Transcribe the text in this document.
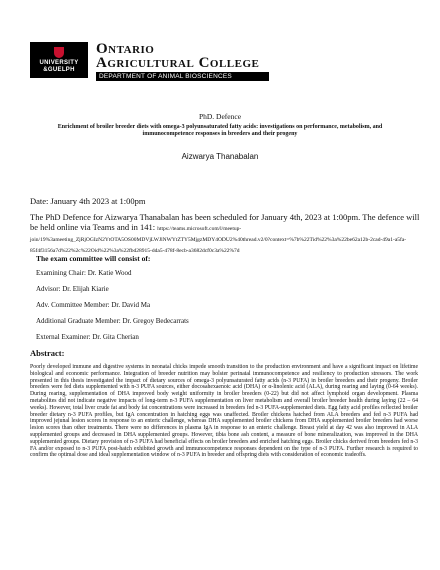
UNIVERSITY
&GUELPH
Ontario
Agricultural College
DEPARTMENT OF ANIMAL BIOSCIENCES
PhD. Defence
Enrichment of broiler breeder diets with omega-3 polyunsaturated fatty acids: investigations on performance, metabolism, and immunocompetence responses in breeders and their progeny
Aizwarya Thanabalan
Date: January 4th 2023 at 1:00pm
The PhD Defence for Aizwarya Thanabalan has been scheduled for January 4th, 2023 at 1:00pm. The defence will be held online via Teams and in 141: https://teams.microsoft.com/l/meetup-join/19%3ameeting_ZjRjOGIzN2YtOTA5OS00MDVjLWJlNWYtZTY5MjgzMDY4ODU2%40thread.v2/0?context=%7b%22Tid%22%3a%22be62a12b-2cad-49a1-a5fa-85f4f3156a7d%22%2c%22Oid%22%3a%22fbd28915-dda5-478f-8ecb-a3682dcf0c3a%22%7d
The exam committee will consist of:
Examining Chair: Dr. Katie Wood
Advisor: Dr. Elijah Kiarie
Adv. Committee Member: Dr. David Ma
Additional Graduate Member: Dr. Gregoy Bedecarrats
External Examiner: Dr. Gita Cherian
Abstract:
Poorly developed immune and digestive systems in neonatal chicks impede smooth transition to the production environment and have a significant impact on lifetime biological and economic performance. Integration of breeder nutrition may bolster perinatal immunocompetence and resiliency to production stressors. The work presented in this thesis investigated the impact of dietary sources of omega-3 polyunsaturated fatty acids (n-3 PUFA) in broiler breeders and their progeny. Broiler breeders were fed diets supplemented with n-3 PUFA sources, either docosahexaenoic acid (DHA) or α-linolenic acid (ALA), during rearing and laying (0-64 weeks). During rearing, supplementation of DHA improved body weight uniformity in broiler breeders (0-22) but did not affect lymphoid organ development. Plasma metabolites did not indicate negative impacts of long-term n-3 PUFA supplementation on liver metabolism and overall broiler breeder health during laying (22 – 64 weeks). However, total liver crude fat and body fat concentrations were increased in breeders fed n-3 PUFA-supplemented diets. Egg fatty acid profiles reflected broiler breeder dietary n-3 PUFA profiles, but IgA concentration in hatching eggs was unaffected. Broiler chickens hatched from ALA breeders and fed n-3 PUFA had improved jejunal lesion scores in response to an enteric challenge, whereas DHA supplemented broiler chickens from DHA supplemented broiler breeders had worse lesion scores than other treatments. There were no differences in plasma IgA in response to an enteric challenge. Breast yield at day 42 was also improved in ALA supplemented groups and decreased in DHA supplemented groups. However, tibia bone ash content, a measure of bone mineralization, was improved in the DHA supplemented groups. Dietary provision of n-3 PUFA had beneficial effects on broiler breeders and enriched hatching eggs. Broiler chicks derived from breeders fed n-3 FA and/or exposed to n-3 PUFA post-hatch exhibited growth and immunocompetence responses dependent on the type of n-3 PUFA. Further research is required to confirm the optimal dose and ideal supplementation window of n-3 PUFA in breeder and offspring diets with consideration of economic tradeoffs.
